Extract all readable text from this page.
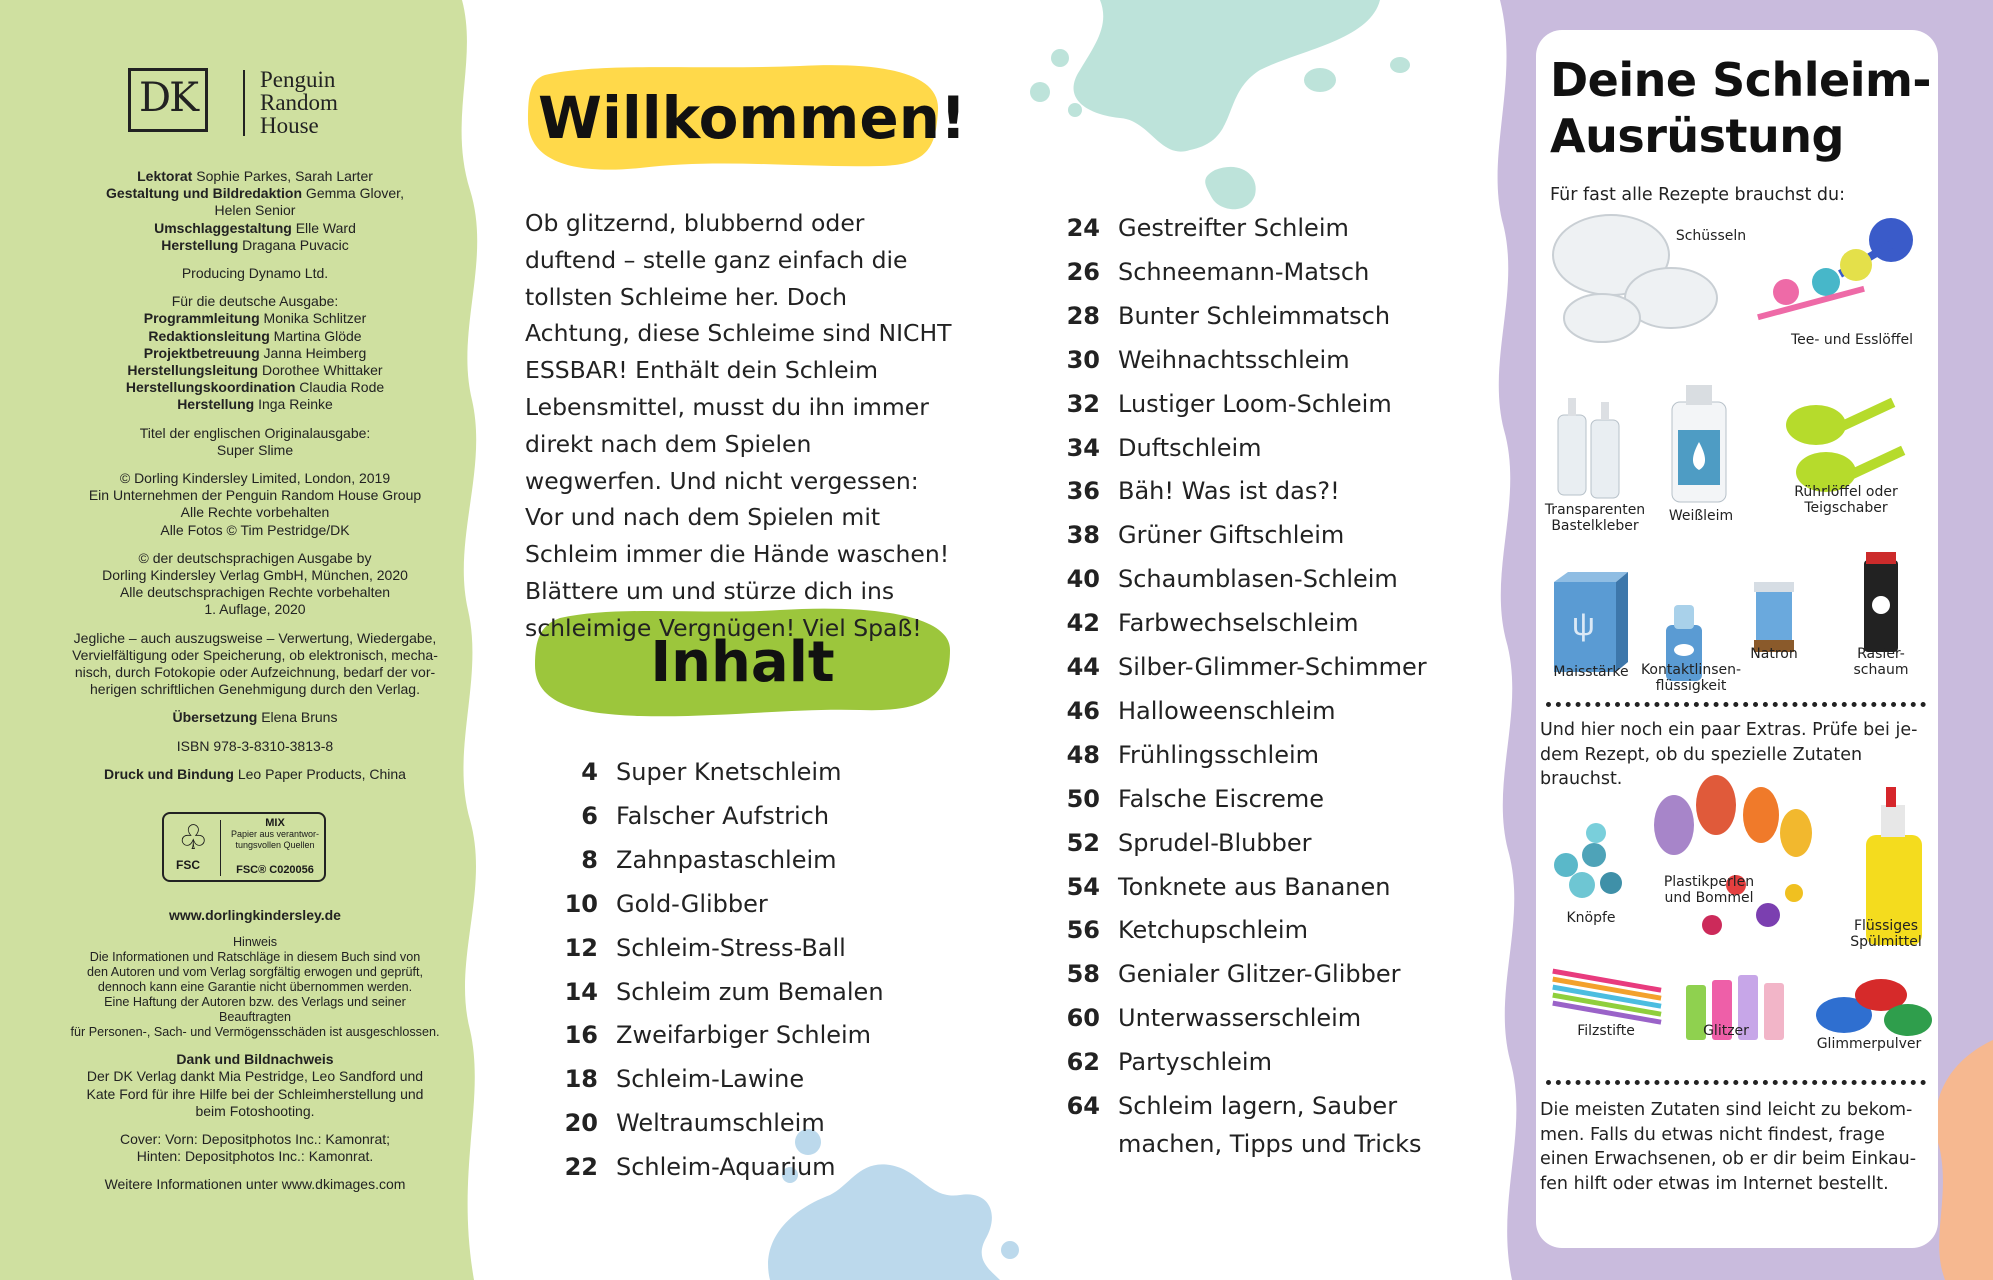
DK	Penguin
Random
House

Lektorat Sophie Parkes, Sarah Larter
Gestaltung und Bildredaktion Gemma Glover,
Helen Senior
Umschlaggestaltung Elle Ward
Herstellung Dragana Puvacic

Producing Dynamo Ltd.

Für die deutsche Ausgabe:
Programmleitung Monika Schlitzer
Redaktionsleitung Martina Glöde
Projektbetreuung Janna Heimberg
Herstellungsleitung Dorothee Whittaker
Herstellungskoordination Claudia Rode
Herstellung Inga Reinke

Titel der englischen Originalausgabe:
Super Slime

© Dorling Kindersley Limited, London, 2019
Ein Unternehmen der Penguin Random House Group
Alle Rechte vorbehalten
Alle Fotos © Tim Pestridge/DK

© der deutschsprachigen Ausgabe by
Dorling Kindersley Verlag GmbH, München, 2020
Alle deutschsprachigen Rechte vorbehalten
1. Auflage, 2020

Jegliche – auch auszugsweise – Verwertung, Wiedergabe,
Vervielfältigung oder Speicherung, ob elektronisch, mecha-
nisch, durch Fotokopie oder Aufzeichnung, bedarf der vor-
herigen schriftlichen Genehmigung durch den Verlag.

Übersetzung Elena Bruns

ISBN 978-3-8310-3813-8

Druck und Bindung Leo Paper Products, China

♧
FSC
MIX
Papier aus verantwor-tungsvollen Quellen
FSC® C020056

www.dorlingkindersley.de

Hinweis
Die Informationen und Ratschläge in diesem Buch sind von
den Autoren und vom Verlag sorgfältig erwogen und geprüft,
dennoch kann eine Garantie nicht übernommen werden.
Eine Haftung der Autoren bzw. des Verlags und seiner Beauftragten
für Personen-, Sach- und Vermögensschäden ist ausgeschlossen.

Dank und Bildnachweis
Der DK Verlag dankt Mia Pestridge, Leo Sandford und
Kate Ford für ihre Hilfe bei der Schleimherstellung und
beim Fotoshooting.

Cover: Vorn: Depositphotos Inc.: Kamonrat;
Hinten: Depositphotos Inc.: Kamonrat.

Weitere Informationen unter www.dkimages.com

Willkommen!
Ob glitzernd, blubbernd oder duftend – stelle ganz einfach die tollsten Schleime her. Doch Achtung, diese Schleime sind NICHT ESSBAR! Enthält dein Schleim Lebensmittel, musst du ihn immer direkt nach dem Spielen wegwerfen. Und nicht vergessen: Vor und nach dem Spielen mit Schleim immer die Hände waschen! Blättere um und stürze dich ins schleimige Vergnügen! Viel Spaß!
Inhalt
4 Super Knetschleim
6 Falscher Aufstrich
8 Zahnpastaschleim
10 Gold-Glibber
12 Schleim-Stress-Ball
14 Schleim zum Bemalen
16 Zweifarbiger Schleim
18 Schleim-Lawine
20 Weltraumschleim
22 Schleim-Aquarium
24 Gestreifter Schleim
26 Schneemann-Matsch
28 Bunter Schleimmatsch
30 Weihnachtsschleim
32 Lustiger Loom-Schleim
34 Duftschleim
36 Bäh! Was ist das?!
38 Grüner Giftschleim
40 Schaumblasen-Schleim
42 Farbwechselschleim
44 Silber-Glimmer-Schimmer
46 Halloweenschleim
48 Frühlingsschleim
50 Falsche Eiscreme
52 Sprudel-Blubber
54 Tonknete aus Bananen
56 Ketchupschleim
58 Genialer Glitzer-Glibber
60 Unterwasserschleim
62 Partyschleim
64 Schleim lagern, Sauber
machen, Tipps und Tricks
Deine Schleim-
Ausrüstung
Für fast alle Rezepte brauchst du:
ψ
Schüsseln
Tee- und Esslöffel
Transparenten
Bastelkleber
Weißleim
Rührlöffel oder
Teigschaber
Maisstärke Kontaktlinsen-
flüssigkeit
Natron	Rasier-
schaum
Und hier noch ein paar Extras. Prüfe bei je-
dem Rezept, ob du spezielle Zutaten brauchst.
Knöpfe
Plastikperlen
und Bommel
Flüssiges
Spülmittel
Filzstifte	Glitzer
Glimmerpulver
Die meisten Zutaten sind leicht zu bekom-
men. Falls du etwas nicht findest, frage
einen Erwachsenen, ob er dir beim Einkau-
fen hilft oder etwas im Internet bestellt.
